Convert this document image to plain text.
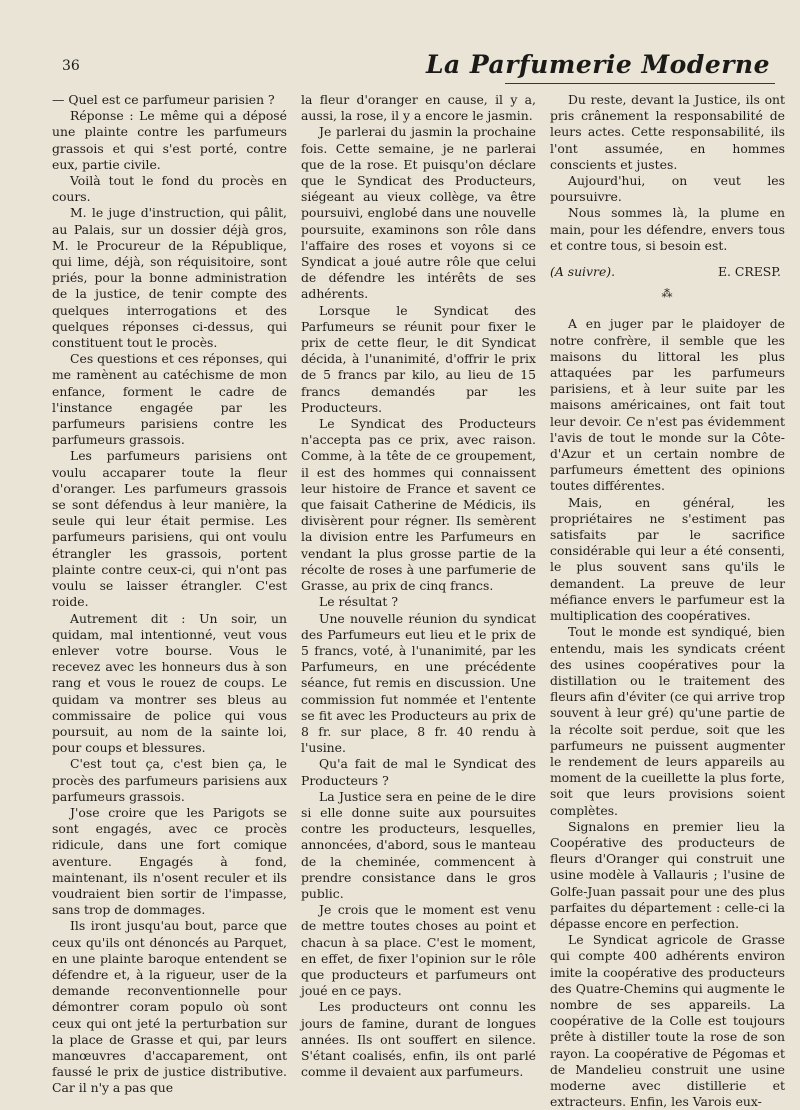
36	La Parfumerie Moderne

— Quel est ce parfumeur parisien ?

Réponse : Le même qui a déposé une plainte contre les parfumeurs grassois et qui s'est porté, contre eux, partie civile.

Voilà tout le fond du procès en cours.

M. le juge d'instruction, qui pâlit, au Palais, sur un dossier déjà gros, M. le Procureur de la République, qui lime, déjà, son réquisitoire, sont priés, pour la bonne administration de la justice, de tenir compte des quelques interrogations et des quelques réponses ci-dessus, qui constituent tout le procès.

Ces questions et ces réponses, qui me ramènent au catéchisme de mon enfance, forment le cadre de l'instance engagée par les parfumeurs parisiens contre les parfumeurs grassois.

Les parfumeurs parisiens ont voulu accaparer toute la fleur d'oranger. Les parfumeurs grassois se sont défendus à leur manière, la seule qui leur était permise. Les parfumeurs parisiens, qui ont voulu étrangler les grassois, portent plainte contre ceux-ci, qui n'ont pas voulu se laisser étrangler. C'est roide.

Autrement dit : Un soir, un quidam, mal intentionné, veut vous enlever votre bourse. Vous le recevez avec les honneurs dus à son rang et vous le rouez de coups. Le quidam va montrer ses bleus au commissaire de police qui vous poursuit, au nom de la sainte loi, pour coups et blessures.

C'est tout ça, c'est bien ça, le procès des parfumeurs parisiens aux parfumeurs grassois.

J'ose croire que les Parigots se sont engagés, avec ce procès ridicule, dans une fort comique aventure. Engagés à fond, maintenant, ils n'osent reculer et ils voudraient bien sortir de l'impasse, sans trop de dommages.

Ils iront jusqu'au bout, parce que ceux qu'ils ont dénoncés au Parquet, en une plainte baroque entendent se défendre et, à la rigueur, user de la demande reconventionnelle pour démontrer coram populo où sont ceux qui ont jeté la perturbation sur la place de Grasse et qui, par leurs manœuvres d'accaparement, ont faussé le prix de justice distributive. Car il n'y a pas que

la fleur d'oranger en cause, il y a, aussi, la rose, il y a encore le jasmin.

Je parlerai du jasmin la prochaine fois. Cette semaine, je ne parlerai que de la rose. Et puisqu'on déclare que le Syndicat des Producteurs, siégeant au vieux collège, va être poursuivi, englobé dans une nouvelle poursuite, examinons son rôle dans l'affaire des roses et voyons si ce Syndicat a joué autre rôle que celui de défendre les intérêts de ses adhérents.

Lorsque le Syndicat des Parfumeurs se réunit pour fixer le prix de cette fleur, le dit Syndicat décida, à l'unanimité, d'offrir le prix de 5 francs par kilo, au lieu de 15 francs demandés par les Producteurs.

Le Syndicat des Producteurs n'accepta pas ce prix, avec raison. Comme, à la tête de ce groupement, il est des hommes qui connaissent leur histoire de France et savent ce que faisait Catherine de Médicis, ils divisèrent pour régner. Ils semèrent la division entre les Parfumeurs en vendant la plus grosse partie de la récolte de roses à une parfumerie de Grasse, au prix de cinq francs.

Le résultat ?

Une nouvelle réunion du syndicat des Parfumeurs eut lieu et le prix de 5 francs, voté, à l'unanimité, par les Parfumeurs, en une précédente séance, fut remis en discussion. Une commission fut nommée et l'entente se fit avec les Producteurs au prix de 8 fr. sur place, 8 fr. 40 rendu à l'usine.

Qu'a fait de mal le Syndicat des Producteurs ?

La Justice sera en peine de le dire si elle donne suite aux poursuites contre les producteurs, lesquelles, annoncées, d'abord, sous le manteau de la cheminée, commencent à prendre consistance dans le gros public.

Je crois que le moment est venu de mettre toutes choses au point et chacun à sa place. C'est le moment, en effet, de fixer l'opinion sur le rôle que producteurs et parfumeurs ont joué en ce pays.

Les producteurs ont connu les jours de famine, durant de longues années. Ils ont souffert en silence. S'étant coalisés, enfin, ils ont parlé comme il devaient aux parfumeurs.

Du reste, devant la Justice, ils ont pris crânement la responsabilité de leurs actes. Cette responsabilité, ils l'ont assumée, en hommes conscients et justes.

Aujourd'hui, on veut les poursuivre.

Nous sommes là, la plume en main, pour les défendre, envers tous et contre tous, si besoin est.

(A suivre).	E. CRESP.
⁂

A en juger par le plaidoyer de notre confrère, il semble que les maisons du littoral les plus attaquées par les parfumeurs parisiens, et à leur suite par les maisons américaines, ont fait tout leur devoir. Ce n'est pas évidemment l'avis de tout le monde sur la Côte-d'Azur et un certain nombre de parfumeurs émettent des opinions toutes différentes.

Mais, en général, les propriétaires ne s'estiment pas satisfaits par le sacrifice considérable qui leur a été consenti, le plus souvent sans qu'ils le demandent. La preuve de leur méfiance envers le parfumeur est la multiplication des coopératives.

Tout le monde est syndiqué, bien entendu, mais les syndicats créent des usines coopératives pour la distillation ou le traitement des fleurs afin d'éviter (ce qui arrive trop souvent à leur gré) qu'une partie de la récolte soit perdue, soit que les parfumeurs ne puissent augmenter le rendement de leurs appareils au moment de la cueillette la plus forte, soit que leurs provisions soient complètes.

Signalons en premier lieu la Coopérative des producteurs de fleurs d'Oranger qui construit une usine modèle à Vallauris ; l'usine de Golfe-Juan passait pour une des plus parfaites du département : celle-ci la dépasse encore en perfection.

Le Syndicat agricole de Grasse qui compte 400 adhérents environ imite la coopérative des producteurs des Quatre-Chemins qui augmente le nombre de ses appareils. La coopérative de la Colle est toujours prête à distiller toute la rose de son rayon. La coopérative de Pégomas et de Mandelieu construit une usine moderne avec distillerie et extracteurs. Enfin, les Varois eux-
